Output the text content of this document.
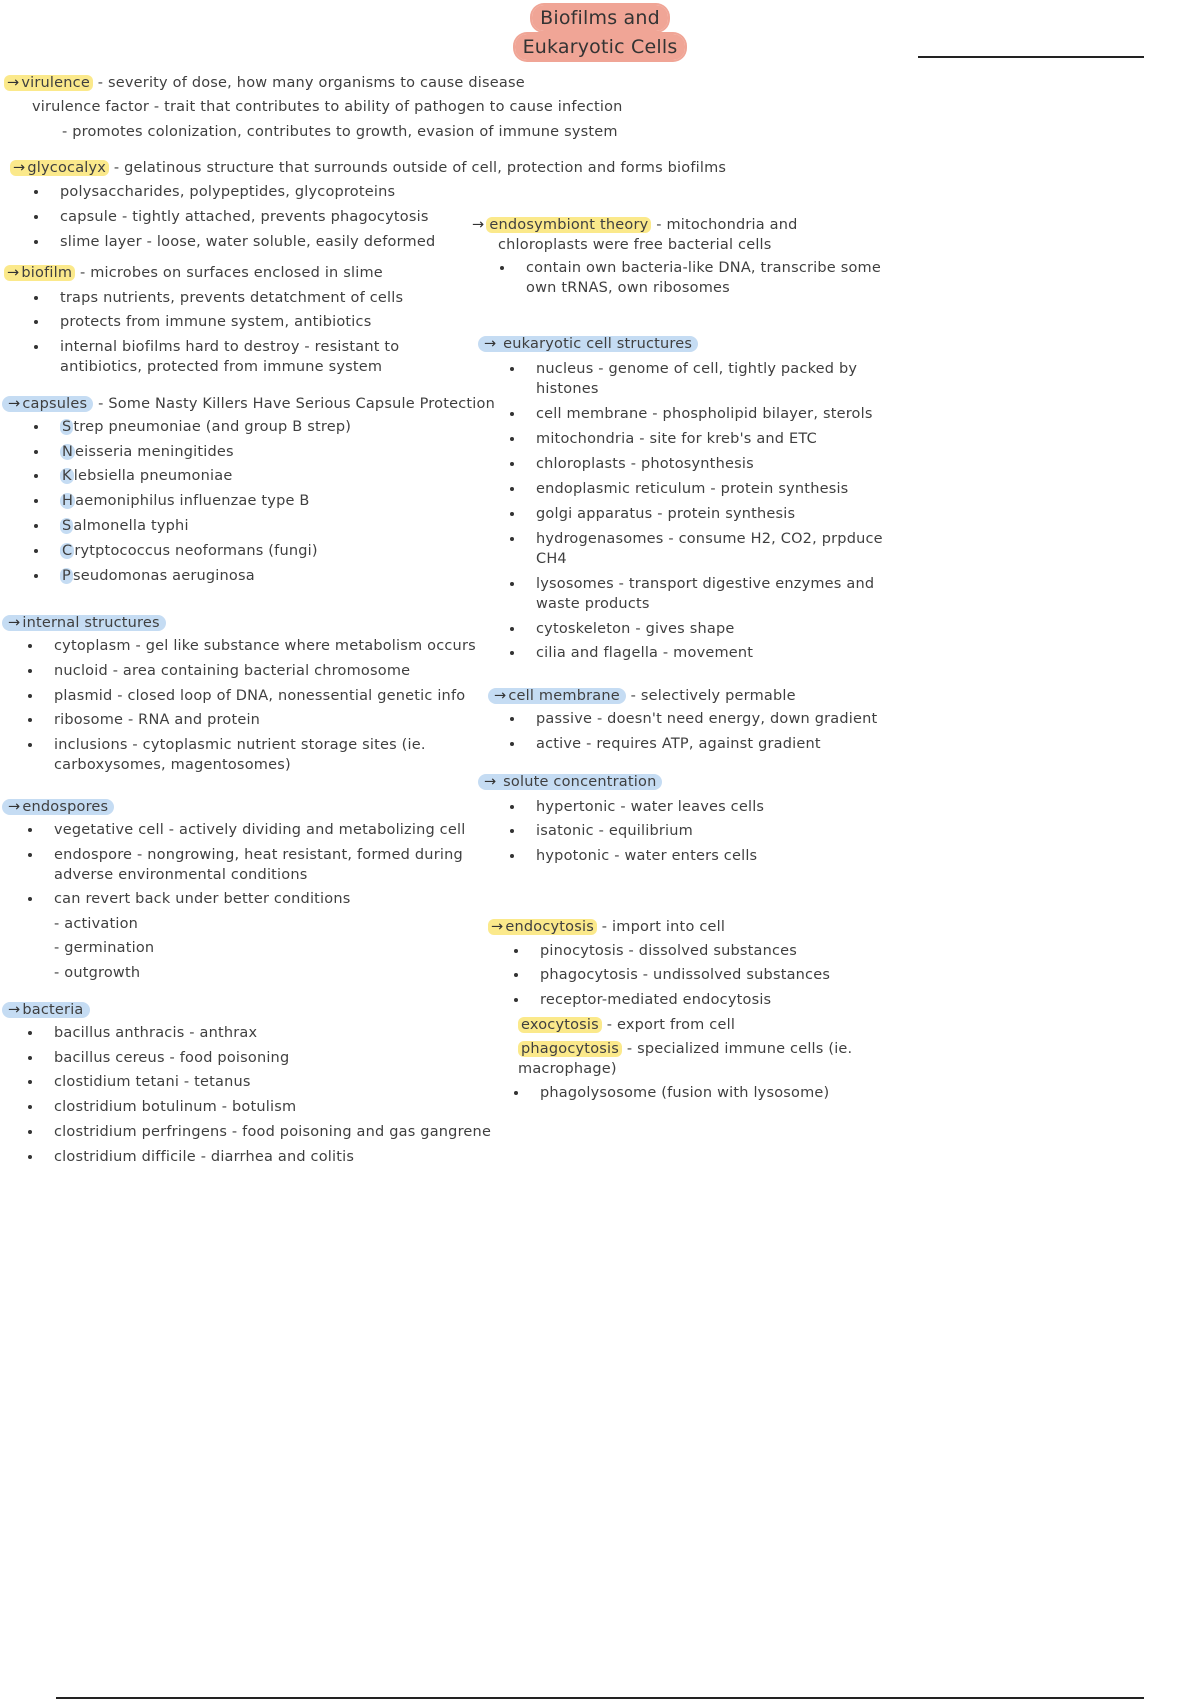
Biofilms and
Eukaryotic Cells
→ virulence - severity of dose, how many organisms to cause disease
virulence factor - trait that contributes to ability of pathogen to cause infection
- promotes colonization, contributes to growth, evasion of immune system
→ glycocalyx - gelatinous structure that surrounds outside of cell, protection and forms biofilms
polysaccharides, polypeptides, glycoproteins
capsule - tightly attached, prevents phagocytosis
slime layer - loose, water soluble, easily deformed
→ biofilm - microbes on surfaces enclosed in slime
traps nutrients, prevents detatchment of cells
protects from immune system, antibiotics
internal biofilms hard to destroy - resistant to
antibiotics, protected from immune system
→ capsules - Some Nasty Killers Have Serious Capsule Protection
S trep pneumoniae (and group B strep)
N eisseria meningitides
K lebsiella pneumoniae
H aemoniphilus influenzae type B
S almonella typhi
C rytptococcus neoformans (fungi)
P seudomonas aeruginosa
→ internal structures
cytoplasm - gel like substance where metabolism occurs
nucloid - area containing bacterial chromosome
plasmid - closed loop of DNA, nonessential genetic info
ribosome - RNA and protein
inclusions - cytoplasmic nutrient storage sites (ie.
carboxysomes, magentosomes)
→ endospores
vegetative cell - actively dividing and metabolizing cell
endospore - nongrowing, heat resistant, formed during
adverse environmental conditions
can revert back under better conditions
- activation
- germination
- outgrowth
→ bacteria
bacillus anthracis - anthrax
bacillus cereus - food poisoning
clostidium tetani - tetanus
clostridium botulinum - botulism
clostridium perfringens - food poisoning and gas gangrene
clostridium difficile - diarrhea and colitis
→ endosymbiont theory - mitochondria and
chloroplasts were free bacterial cells
contain own bacteria-like DNA, transcribe some
own tRNAS, own ribosomes
→ eukaryotic cell structures
nucleus - genome of cell, tightly packed by
histones
cell membrane - phospholipid bilayer, sterols
mitochondria - site for kreb's and ETC
chloroplasts - photosynthesis
endoplasmic reticulum - protein synthesis
golgi apparatus - protein synthesis
hydrogenasomes - consume H2, CO2, prpduce
CH4
lysosomes - transport digestive enzymes and
waste products
cytoskeleton - gives shape
cilia and flagella - movement
→ cell membrane - selectively permable
passive - doesn't need energy, down gradient
active - requires ATP, against gradient
→ solute concentration
hypertonic - water leaves cells
isatonic - equilibrium
hypotonic - water enters cells
→ endocytosis - import into cell
pinocytosis - dissolved substances
phagocytosis - undissolved substances
receptor-mediated endocytosis
exocytosis - export from cell
phagocytosis - specialized immune cells (ie.
macrophage)
phagolysosome (fusion with lysosome)
